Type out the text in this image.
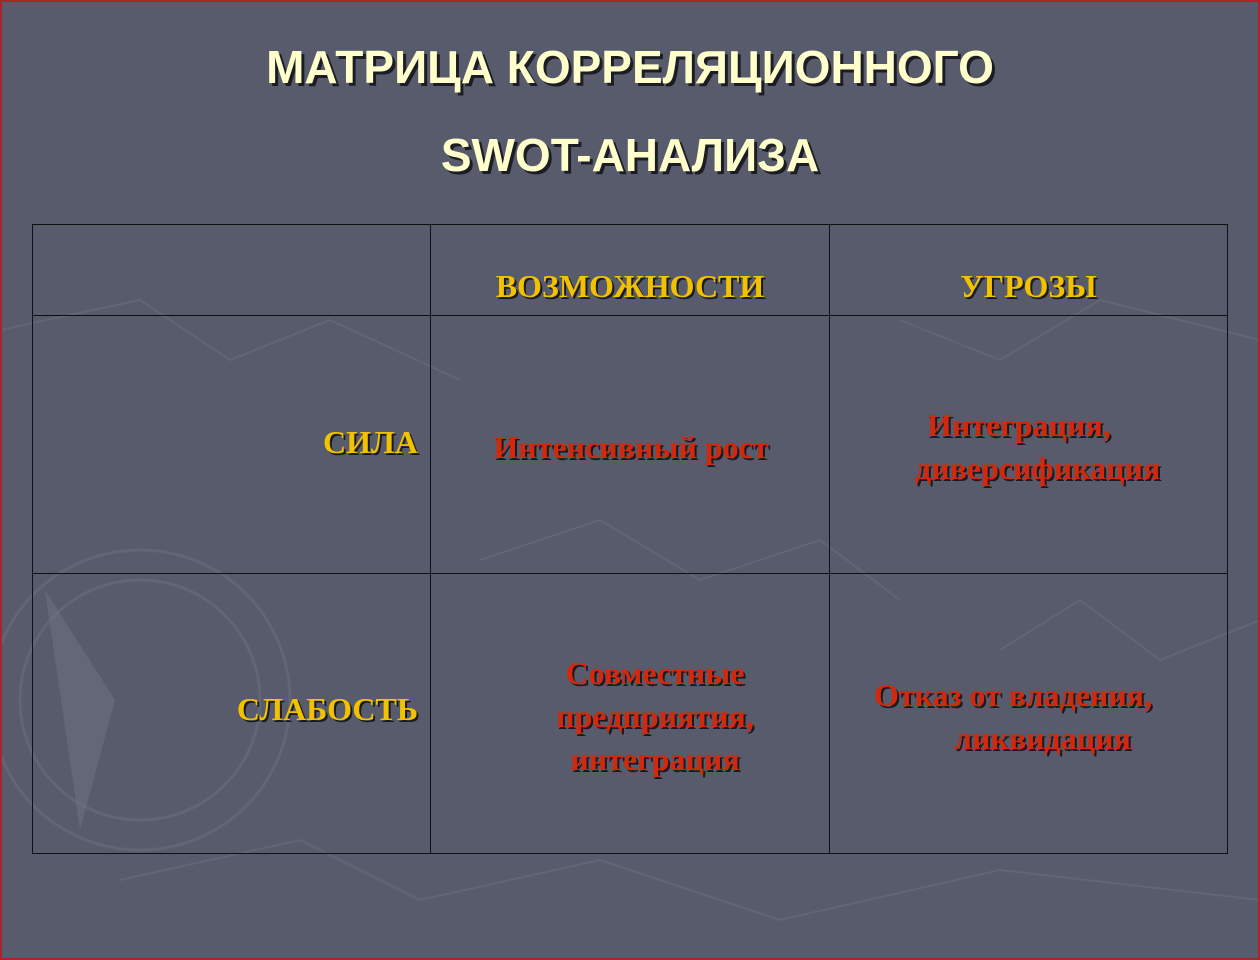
МАТРИЦА КОРРЕЛЯЦИОННОГО
SWOT-АНАЛИЗА
ВОЗМОЖНОСТИ	УГРОЗЫ
СИЛА	Интенсивный рост
Интеграция,
диверсификация
СЛАБОСТЬ
Совместные
предприятия,
интеграция
Отказ от владения,
ликвидация
